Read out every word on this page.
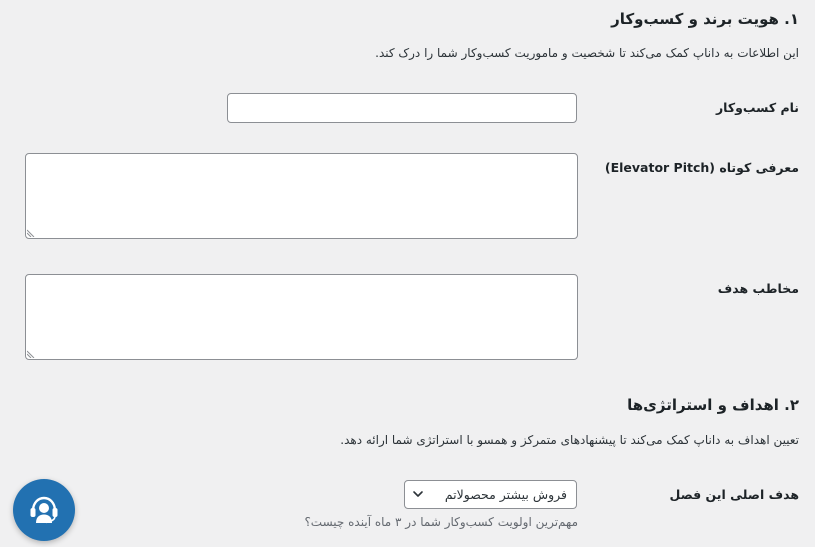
۱. هویت برند و کسب‌وکار

این اطلاعات به داناپ کمک می‌کند تا شخصیت و ماموریت کسب‌وکار شما را درک کند.

نام کسب‌وکار
معرفی کوتاه (Elevator Pitch)
مخاطب هدف
۲. اهداف و استراتژی‌ها

تعیین اهداف به داناپ کمک می‌کند تا پیشنهادهای متمرکز و همسو با استراتژی شما ارائه دهد.

هدف اصلی این فصل
فروش بیشتر محصولاتم
مهم‌ترین اولویت کسب‌وکار شما در ۳ ماه آینده چیست؟
